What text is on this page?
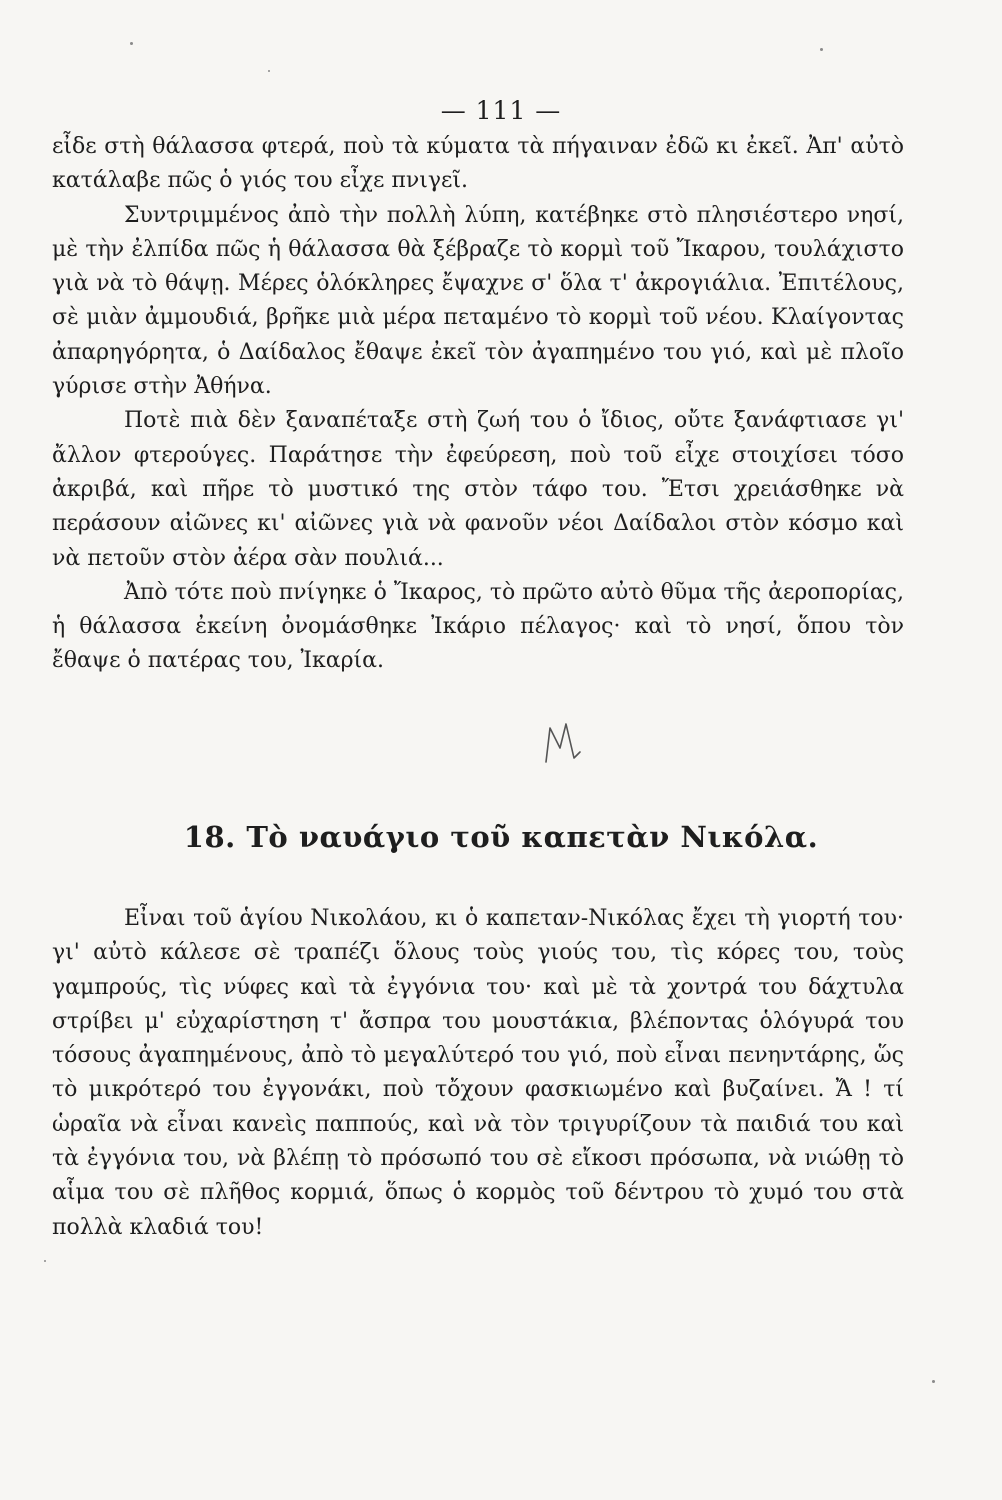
— 111 —

εἶδε στὴ θάλασσα φτερά, ποὺ τὰ κύματα τὰ πήγαιναν ἐδῶ κι ἐκεῖ. Ἀπ' αὐτὸ κατάλαβε πῶς ὁ γιός του εἶχε πνιγεῖ.

Συντριμμένος ἀπὸ τὴν πολλὴ λύπη, κατέβηκε στὸ πλησιέστερο νησί, μὲ τὴν ἐλπίδα πῶς ἡ θάλασσα θὰ ξέβραζε τὸ κορμὶ τοῦ Ἴκαρου, τουλάχιστο γιὰ νὰ τὸ θάψῃ. Μέρες ὁλόκληρες ἔψαχνε σ' ὅλα τ' ἀκρογιάλια. Ἐπιτέλους, σὲ μιὰν ἀμμουδιά, βρῆκε μιὰ μέρα πεταμένο τὸ κορμὶ τοῦ νέου. Κλαίγοντας ἀπαρηγόρητα, ὁ Δαίδαλος ἔθαψε ἐκεῖ τὸν ἀγαπημένο του γιό, καὶ μὲ πλοῖο γύρισε στὴν Ἀθήνα.

Ποτὲ πιὰ δὲν ξαναπέταξε στὴ ζωή του ὁ ἴδιος, οὔτε ξανάφτιασε γι' ἄλλον φτερούγες. Παράτησε τὴν ἐφεύρεση, ποὺ τοῦ εἶχε στοιχίσει τόσο ἀκριβά, καὶ πῆρε τὸ μυστικό της στὸν τάφο του. Ἔτσι χρειάσθηκε νὰ περάσουν αἰῶνες κι' αἰῶνες γιὰ νὰ φανοῦν νέοι Δαίδαλοι στὸν κόσμο καὶ νὰ πετοῦν στὸν ἀέρα σὰν πουλιά...

Ἀπὸ τότε ποὺ πνίγηκε ὁ Ἴκαρος, τὸ πρῶτο αὐτὸ θῦμα τῆς ἀεροπορίας, ἡ θάλασσα ἐκείνη ὀνομάσθηκε Ἰκάριο πέλαγος· καὶ τὸ νησί, ὅπου τὸν ἔθαψε ὁ πατέρας του, Ἰκαρία.

18. Τὸ ναυάγιο τοῦ καπετὰν Νικόλα.

Εἶναι τοῦ ἁγίου Νικολάου, κι ὁ καπεταν-Νικόλας ἔχει τὴ γιορτή του· γι' αὐτὸ κάλεσε σὲ τραπέζι ὅλους τοὺς γιούς του, τὶς κόρες του, τοὺς γαμπρούς, τὶς νύφες καὶ τὰ ἐγγόνια του· καὶ μὲ τὰ χοντρά του δάχτυλα στρίβει μ' εὐχαρίστηση τ' ἄσπρα του μουστάκια, βλέποντας ὁλόγυρά του τόσους ἀγαπημένους, ἀπὸ τὸ μεγαλύτερό του γιό, ποὺ εἶναι πενηντάρης, ὥς τὸ μικρότερό του ἐγγονάκι, ποὺ τὄχουν φασκιωμένο καὶ βυζαίνει. Ἄ ! τί ὡραῖα νὰ εἶναι κανεὶς παππούς, καὶ νὰ τὸν τριγυρίζουν τὰ παιδιά του καὶ τὰ ἐγγόνια του, νὰ βλέπῃ τὸ πρόσωπό του σὲ εἴκοσι πρόσωπα, νὰ νιώθῃ τὸ αἷμα του σὲ πλῆθος κορμιά, ὅπως ὁ κορμὸς τοῦ δέντρου τὸ χυμό του στὰ πολλὰ κλαδιά του!
